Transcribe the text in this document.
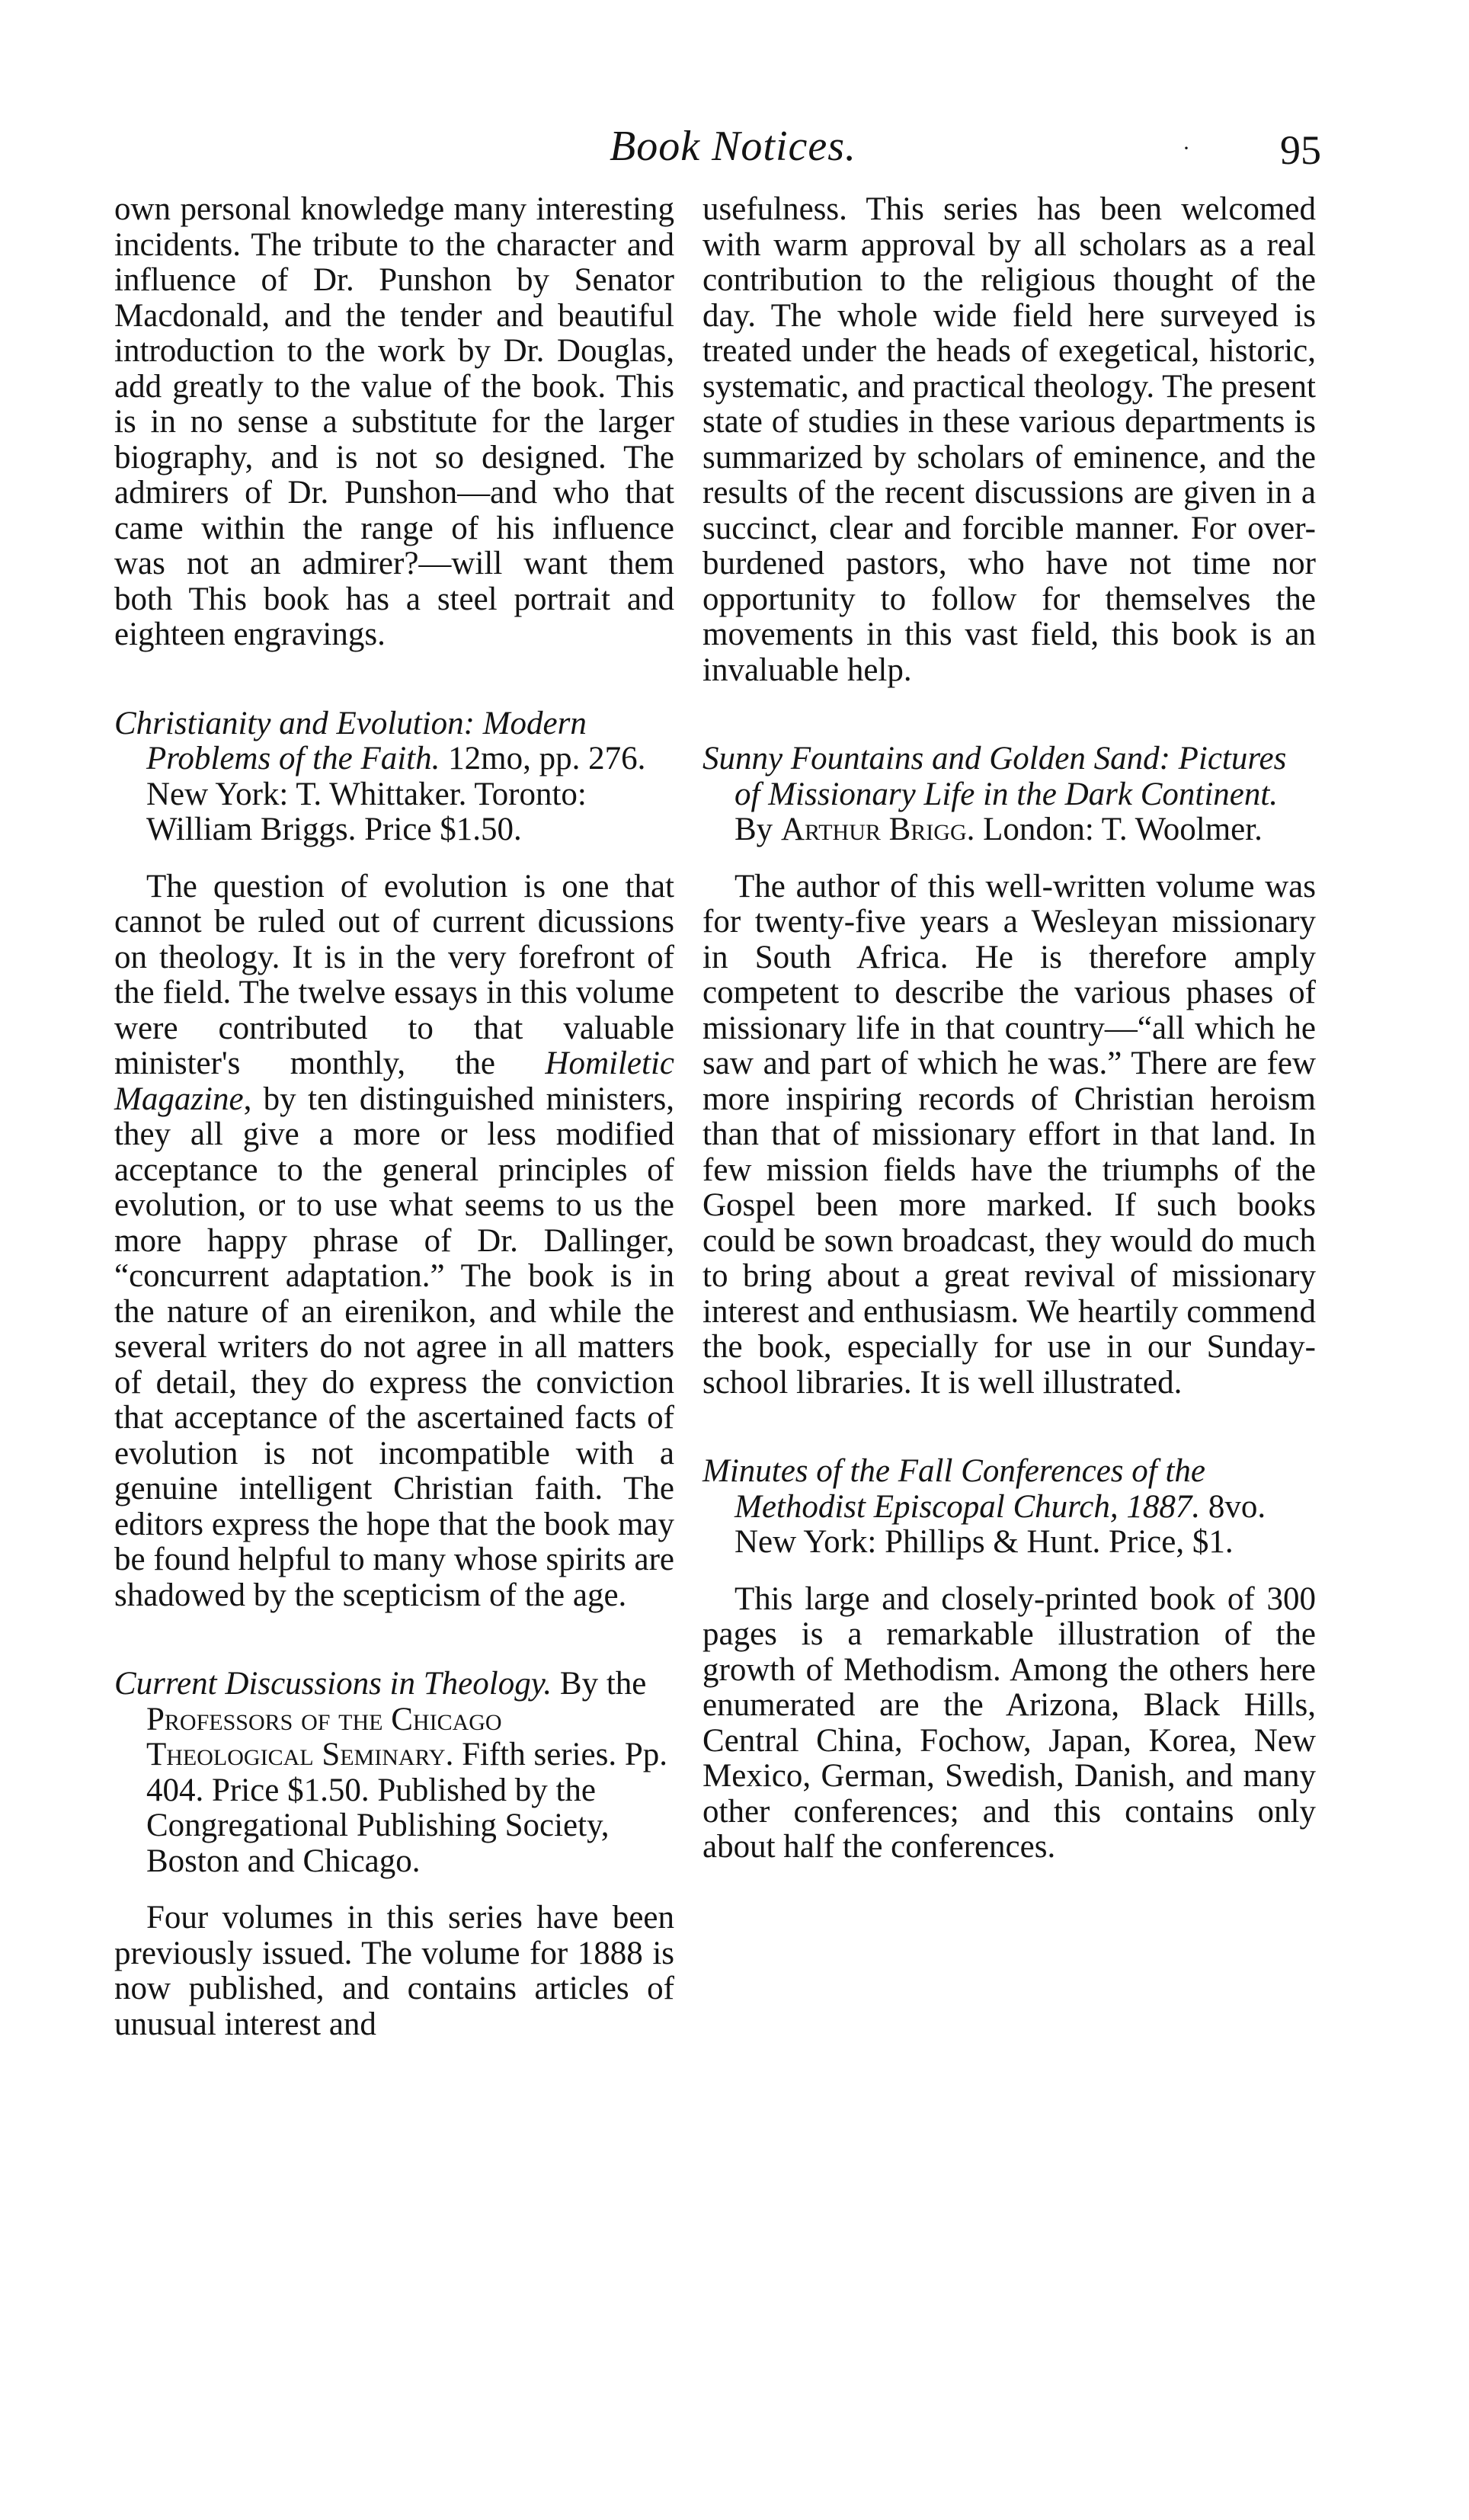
Book Notices.	· 95

own personal knowledge many interesting incidents. The tribute to the character and influence of Dr. Punshon by Senator Macdonald, and the tender and beautiful introduction to the work by Dr. Douglas, add greatly to the value of the book. This is in no sense a substitute for the larger biography, and is not so designed. The admirers of Dr. Punshon—and who that came within the range of his influence was not an admirer?—will want them both This book has a steel portrait and eighteen engravings.

Christianity and Evolution: Modern Problems of the Faith. 12mo, pp. 276. New York: T. Whittaker. Toronto: William Briggs. Price $1.50.

The question of evolution is one that cannot be ruled out of current dicussions on theology. It is in the very forefront of the field. The twelve essays in this volume were contributed to that valuable minister's monthly, the Homiletic Magazine, by ten distinguished ministers, they all give a more or less modified acceptance to the general principles of evolution, or to use what seems to us the more happy phrase of Dr. Dallinger, “concurrent adaptation.” The book is in the nature of an eirenikon, and while the several writers do not agree in all matters of detail, they do express the conviction that acceptance of the ascertained facts of evolution is not incompatible with a genuine intelligent Christian faith. The editors express the hope that the book may be found helpful to many whose spirits are shadowed by the scepticism of the age.

Current Discussions in Theology. By the Professors of the Chicago Theological Seminary. Fifth series. Pp. 404. Price $1.50. Published by the Congregational Publishing Society, Boston and Chicago.

Four volumes in this series have been previously issued. The volume for 1888 is now published, and contains articles of unusual interest and

usefulness. This series has been welcomed with warm approval by all scholars as a real contribution to the religious thought of the day. The whole wide field here surveyed is treated under the heads of exegetical, historic, systematic, and practical theology. The present state of studies in these various departments is summarized by scholars of eminence, and the results of the recent discussions are given in a succinct, clear and forcible manner. For over-burdened pastors, who have not time nor opportunity to follow for themselves the movements in this vast field, this book is an invaluable help.

Sunny Fountains and Golden Sand: Pictures of Missionary Life in the Dark Continent. By Arthur Brigg. London: T. Woolmer.

The author of this well-written volume was for twenty-five years a Wesleyan missionary in South Africa. He is therefore amply competent to describe the various phases of missionary life in that country—“all which he saw and part of which he was.” There are few more inspiring records of Christian heroism than that of missionary effort in that land. In few mission fields have the triumphs of the Gospel been more marked. If such books could be sown broadcast, they would do much to bring about a great revival of missionary interest and enthusiasm. We heartily commend the book, especially for use in our Sunday-school libraries. It is well illustrated.

Minutes of the Fall Conferences of the Methodist Episcopal Church, 1887. 8vo. New York: Phillips & Hunt. Price, $1.

This large and closely-printed book of 300 pages is a remarkable illustration of the growth of Methodism. Among the others here enumerated are the Arizona, Black Hills, Central China, Fochow, Japan, Korea, New Mexico, German, Swedish, Danish, and many other conferences; and this contains only about half the conferences.
